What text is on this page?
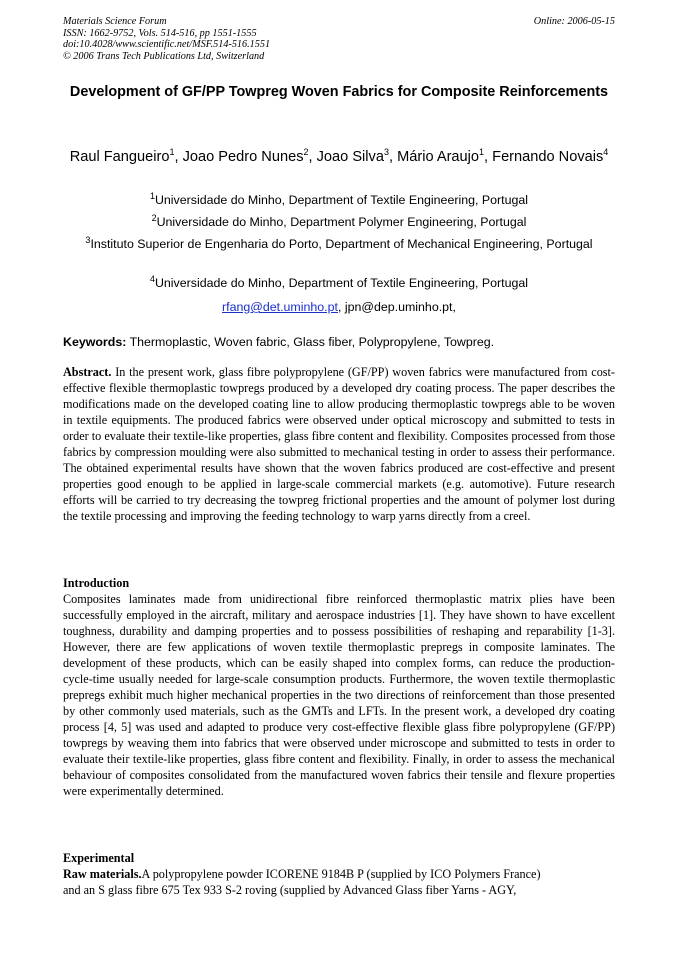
Materials Science Forum
ISSN: 1662-9752, Vols. 514-516, pp 1551-1555
doi:10.4028/www.scientific.net/MSF.514-516.1551
© 2006 Trans Tech Publications Ltd, Switzerland
Online: 2006-05-15
Development of GF/PP Towpreg Woven Fabrics for Composite Reinforcements
Raul Fangueiro$^1$, Joao Pedro Nunes$^2$, Joao Silva$^3$, Mário Araujo$^1$, Fernando Novais$^4$
$^1$Universidade do Minho, Department of Textile Engineering, Portugal
$^2$Universidade do Minho, Department Polymer Engineering, Portugal
$^3$Instituto Superior de Engenharia do Porto, Department of Mechanical Engineering, Portugal
$^4$Universidade do Minho, Department of Textile Engineering, Portugal
rfang@det.uminho.pt, jpn@dep.uminho.pt,
Keywords: Thermoplastic, Woven fabric, Glass fiber, Polypropylene, Towpreg.
Abstract. In the present work, glass fibre polypropylene (GF/PP) woven fabrics were manufactured from cost-effective flexible thermoplastic towpregs produced by a developed dry coating process. The paper describes the modifications made on the developed coating line to allow producing thermoplastic towpregs able to be woven in textile equipments. The produced fabrics were observed under optical microscopy and submitted to tests in order to evaluate their textile-like properties, glass fibre content and flexibility. Composites processed from those fabrics by compression moulding were also submitted to mechanical testing in order to assess their performance. The obtained experimental results have shown that the woven fabrics produced are cost-effective and present properties good enough to be applied in large-scale commercial markets (e.g. automotive). Future research efforts will be carried to try decreasing the towpreg frictional properties and the amount of polymer lost during the textile processing and improving the feeding technology to warp yarns directly from a creel.
Introduction
Composites laminates made from unidirectional fibre reinforced thermoplastic matrix plies have been successfully employed in the aircraft, military and aerospace industries [1]. They have shown to have excellent toughness, durability and damping properties and to possess possibilities of reshaping and reparability [1-3]. However, there are few applications of woven textile thermoplastic prepregs in composite laminates. The development of these products, which can be easily shaped into complex forms, can reduce the production-cycle-time usually needed for large-scale consumption products. Furthermore, the woven textile thermoplastic prepregs exhibit much higher mechanical properties in the two directions of reinforcement than those presented by other commonly used materials, such as the GMTs and LFTs. In the present work, a developed dry coating process [4, 5] was used and adapted to produce very cost-effective flexible glass fibre polypropylene (GF/PP) towpregs by weaving them into fabrics that were observed under microscope and submitted to tests in order to evaluate their textile-like properties, glass fibre content and flexibility. Finally, in order to assess the mechanical behaviour of composites consolidated from the manufactured woven fabrics their tensile and flexure properties were experimentally determined.
Experimental
Raw materials.A polypropylene powder ICORENE 9184B P (supplied by ICO Polymers France)
and an S glass fibre 675 Tex 933 S-2 roving (supplied by Advanced Glass fiber Yarns - AGY,
